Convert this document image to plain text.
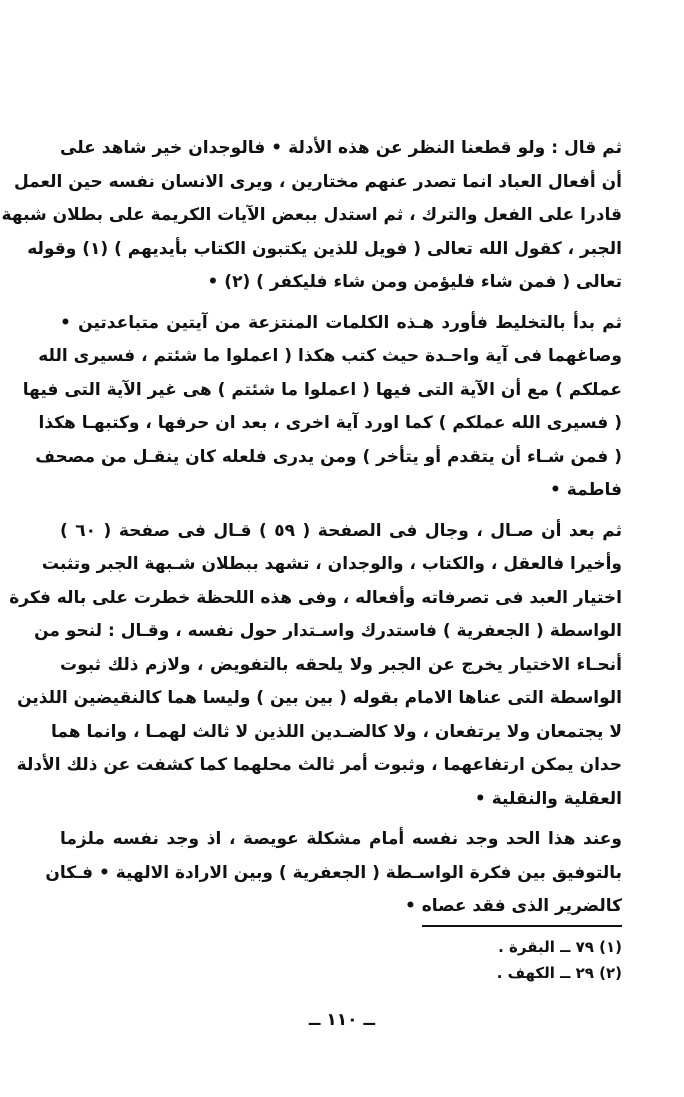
ثم قال : ولو قطعنا النظر عن هذه الأدلة • فالوجدان خير شاهد على
أن أفعال العباد انما تصدر عنهم مختارين ، ويرى الانسان نفسه حين العمل
قادرا على الفعل والترك ، ثم استدل ببعض الآيات الكريمة على بطلان شبهة
الجبر ، كقول الله تعالى ( فويل للذين يكتبون الكتاب بأيديهم ) (١) وقوله
تعالى ( فمن شاء فليؤمن ومن شاء فليكفر ) (٢) •

ثم بدأ بالتخليط فأورد هـذه الكلمات المنتزعة من آيتين متباعدتين •
وصاغهما فى آية واحـدة حيث كتب هكذا ( اعملوا ما شئتم ، فسيرى الله
عملكم ) مع أن الآية التى فيها ( اعملوا ما شئتم ) هى غير الآية التى فيها
( فسيرى الله عملكم ) كما اورد آية اخرى ، بعد ان حرفها ، وكتبهـا هكذا
( فمن شـاء أن يتقدم أو يتأخر ) ومن يدرى فلعله كان ينقـل من مصحف
فاطمة •

ثم بعد أن صـال ، وجال فى الصفحة ( ٥٩ ) قـال فى صفحة ( ٦٠ )
وأخيرا فالعقل ، والكتاب ، والوجدان ، تشهد ببطلان شـبهة الجبر وتثبت
اختيار العبد فى تصرفاته وأفعاله ، وفى هذه اللحظة خطرت على باله فكرة
الواسطة ( الجعفرية ) فاستدرك واسـتدار حول نفسه ، وقـال : لنحو من
أنحـاء الاختيار يخرج عن الجبر ولا يلحقه بالتفويض ، ولازم ذلك ثبوت
الواسطة التى عناها الامام بقوله ( بين بين ) وليسا هما كالنقيضين اللذين
لا يجتمعان ولا يرتفعان ، ولا كالضـدين اللذين لا ثالث لهمـا ، وانما هما
حدان يمكن ارتفاعهما ، وثبوت أمر ثالث محلهما كما كشفت عن ذلك الأدلة
العقلية والنقلية •

وعند هذا الحد وجد نفسه أمام مشكلة عويصة ، اذ وجد نفسه ملزما
بالتوفيق بين فكرة الواسـطة ( الجعفرية ) وبين الارادة الالهية • فـكان
كالضرير الذى فقد عصاه •

(١) ٧٩ ــ البقرة .
(٢) ٢٩ ــ الكهف .
ــ ١١٠ ــ
